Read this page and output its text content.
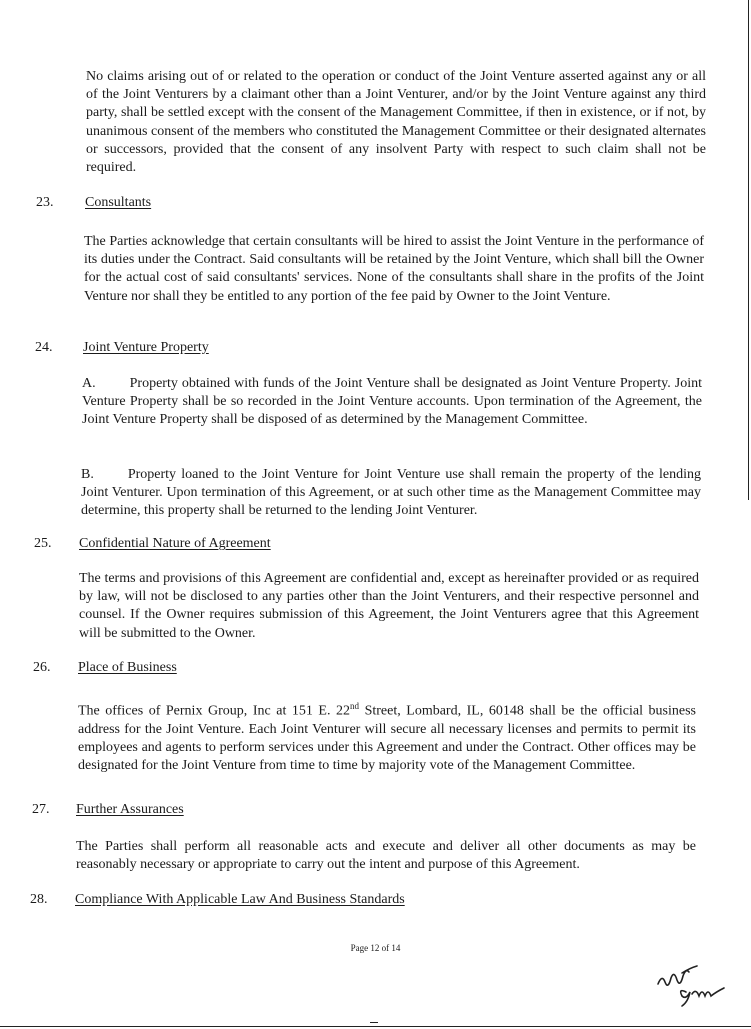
No claims arising out of or related to the operation or conduct of the Joint Venture asserted against any or all of the Joint Venturers by a claimant other than a Joint Venturer, and/or by the Joint Venture against any third party, shall be settled except with the consent of the Management Committee, if then in existence, or if not, by unanimous consent of the members who constituted the Management Committee or their designated alternates or successors, provided that the consent of any insolvent Party with respect to such claim shall not be required.

23. Consultants

The Parties acknowledge that certain consultants will be hired to assist the Joint Venture in the performance of its duties under the Contract. Said consultants will be retained by the Joint Venture, which shall bill the Owner for the actual cost of said consultants' services. None of the consultants shall share in the profits of the Joint Venture nor shall they be entitled to any portion of the fee paid by Owner to the Joint Venture.

24. Joint Venture Property

A. Property obtained with funds of the Joint Venture shall be designated as Joint Venture Property. Joint Venture Property shall be so recorded in the Joint Venture accounts. Upon termination of the Agreement, the Joint Venture Property shall be disposed of as determined by the Management Committee.

B. Property loaned to the Joint Venture for Joint Venture use shall remain the property of the lending Joint Venturer. Upon termination of this Agreement, or at such other time as the Management Committee may determine, this property shall be returned to the lending Joint Venturer.

25. Confidential Nature of Agreement

The terms and provisions of this Agreement are confidential and, except as hereinafter provided or as required by law, will not be disclosed to any parties other than the Joint Venturers, and their respective personnel and counsel. If the Owner requires submission of this Agreement, the Joint Venturers agree that this Agreement will be submitted to the Owner.

26. Place of Business

The offices of Pernix Group, Inc at 151 E. 22nd Street, Lombard, IL, 60148 shall be the official business address for the Joint Venture. Each Joint Venturer will secure all necessary licenses and permits to permit its employees and agents to perform services under this Agreement and under the Contract. Other offices may be designated for the Joint Venture from time to time by majority vote of the Management Committee.

27. Further Assurances

The Parties shall perform all reasonable acts and execute and deliver all other documents as may be reasonably necessary or appropriate to carry out the intent and purpose of this Agreement.

28. Compliance With Applicable Law And Business Standards
Page 12 of 14
